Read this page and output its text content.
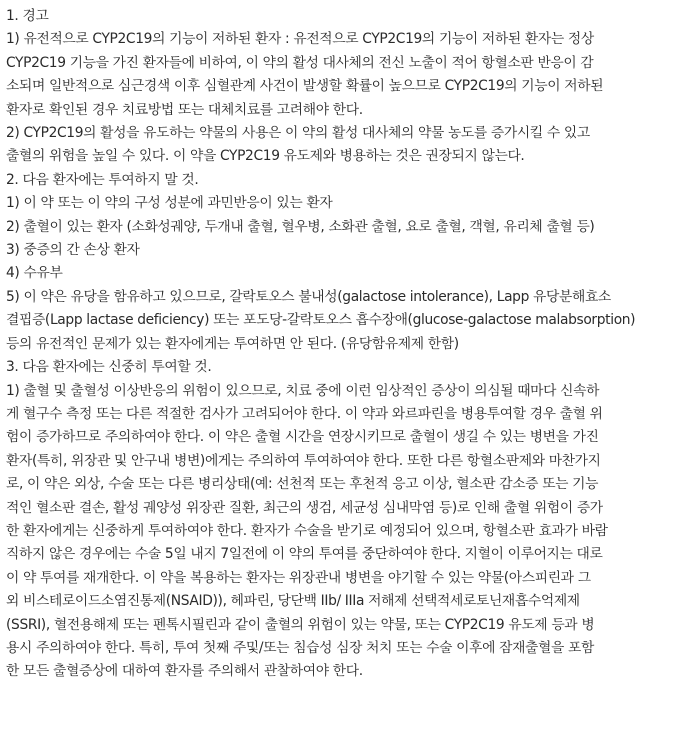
1. 경고

1) 유전적으로 CYP2C19의 기능이 저하된 환자 : 유전적으로 CYP2C19의 기능이 저하된 환자는 정상

CYP2C19 기능을 가진 환자들에 비하여, 이 약의 활성 대사체의 전신 노출이 적어 항혈소판 반응이 감

소되며 일반적으로 심근경색 이후 심혈관계 사건이 발생할 확률이 높으므로 CYP2C19의 기능이 저하된

환자로 확인된 경우 치료방법 또는 대체치료를 고려해야 한다.

2) CYP2C19의 활성을 유도하는 약물의 사용은 이 약의 활성 대사체의 약물 농도를 증가시킬 수 있고

출혈의 위험을 높일 수 있다. 이 약을 CYP2C19 유도제와 병용하는 것은 권장되지 않는다.

2. 다음 환자에는 투여하지 말 것.

1) 이 약 또는 이 약의 구성 성분에 과민반응이 있는 환자

2) 출혈이 있는 환자 (소화성궤양, 두개내 출혈, 혈우병, 소화관 출혈, 요로 출혈, 객혈, 유리체 출혈 등)

3) 중증의 간 손상 환자

4) 수유부

5) 이 약은 유당을 함유하고 있으므로, 갈락토오스 불내성(galactose intolerance), Lapp 유당분해효소

결핍증(Lapp lactase deficiency) 또는 포도당-갈락토오스 흡수장애(glucose-galactose malabsorption)

등의 유전적인 문제가 있는 환자에게는 투여하면 안 된다. (유당함유제제 한함)

3. 다음 환자에는 신중히 투여할 것.

1) 출혈 및 출혈성 이상반응의 위험이 있으므로, 치료 중에 이런 임상적인 증상이 의심될 때마다 신속하

게 혈구수 측정 또는 다른 적절한 검사가 고려되어야 한다. 이 약과 와르파린을 병용투여할 경우 출혈 위

험이 증가하므로 주의하여야 한다. 이 약은 출혈 시간을 연장시키므로 출혈이 생길 수 있는 병변을 가진

환자(특히, 위장관 및 안구내 병변)에게는 주의하여 투여하여야 한다. 또한 다른 항혈소판제와 마찬가지

로, 이 약은 외상, 수술 또는 다른 병리상태(예: 선천적 또는 후천적 응고 이상, 혈소판 감소증 또는 기능

적인 혈소판 결손, 활성 궤양성 위장관 질환, 최근의 생검, 세균성 심내막염 등)로 인해 출혈 위험이 증가

한 환자에게는 신중하게 투여하여야 한다. 환자가 수술을 받기로 예정되어 있으며, 항혈소판 효과가 바람

직하지 않은 경우에는 수술 5일 내지 7일전에 이 약의 투여를 중단하여야 한다. 지혈이 이루어지는 대로

이 약 투여를 재개한다. 이 약을 복용하는 환자는 위장관내 병변을 야기할 수 있는 약물(아스피린과 그

외 비스테로이드소염진통제(NSAID)), 헤파린, 당단백 IIb/ IIIa 저해제 선택적세로토닌재흡수억제제

(SSRI), 혈전용해제 또는 펜톡시필린과 같이 출혈의 위험이 있는 약물, 또는 CYP2C19 유도제 등과 병

용시 주의하여야 한다. 특히, 투여 첫째 주및/또는 침습성 심장 처치 또는 수술 이후에 잠재출혈을 포함

한 모든 출혈증상에 대하여 환자를 주의해서 관찰하여야 한다.
